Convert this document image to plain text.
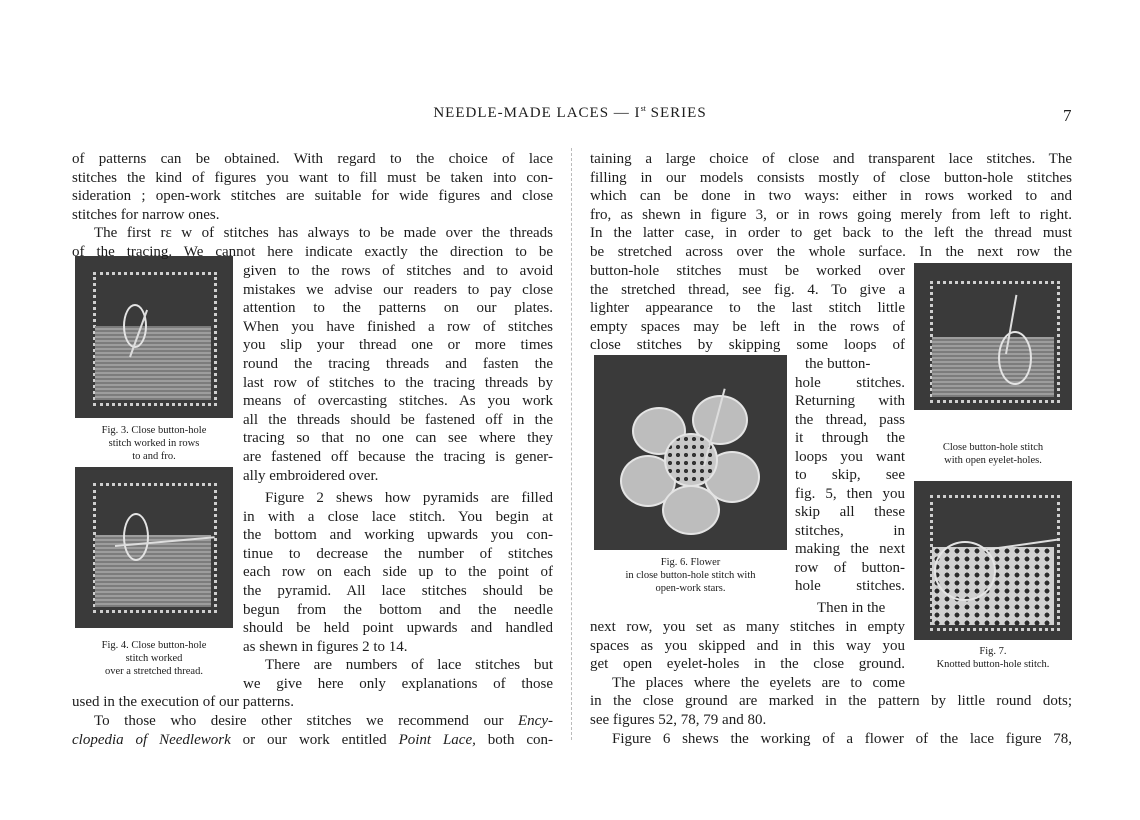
NEEDLE-MADE LACES — Ist SERIES	7
of patterns can be obtained. With regard to the choice of lace
stitches the kind of figures you want to fill must be taken into con-
sideration ; open-work stitches are suitable for wide figures and close
stitches for narrow ones.
The first rε w of stitches has always to be made over the threads
of the tracing. We cannot here indicate exactly the direction to be
given to the rows of stitches and to avoid
mistakes we advise our readers to pay close
attention to the patterns on our plates.
When you have finished a row of stitches
you slip your thread one or more times
round the tracing threads and fasten the
last row of stitches to the tracing threads by
means of overcasting stitches. As you work
all the threads should be fastened off in the
tracing so that no one can see where they
are fastened off because the tracing is gener-
ally embroidered over.
Figure 2 shews how pyramids are filled
in with a close lace stitch. You begin at
the bottom and working upwards you con-
tinue to decrease the number of stitches
each row on each side up to the point of
the pyramid. All lace stitches should be
begun from the bottom and the needle
should be held point upwards and handled
as shewn in figures 2 to 14.
There are numbers of lace stitches but
we give here only explanations of those
used in the execution of our patterns.
To those who desire other stitches we recommend our Ency-
clopedia of Needlework or our work entitled Point Lace, both con-
taining a large choice of close and transparent lace stitches. The
filling in our models consists mostly of close button-hole stitches
which can be done in two ways: either in rows worked to and
fro, as shewn in figure 3, or in rows going merely from left to right.
In the latter case, in order to get back to the left the thread must
be stretched across over the whole surface. In the next row the
button-hole stitches must be worked over
the stretched thread, see fig. 4. To give a
lighter appearance to the last stitch little
empty spaces may be left in the rows of
close stitches by skipping some loops of
the button-
hole stitches.
Returning with
the thread, pass
it through the
loops you want
to skip, see
fig. 5, then you
skip all these
stitches, in
making the next
row of button-
hole stitches.
Then in the
next row, you set as many stitches in empty
spaces as you skipped and in this way you
get open eyelet-holes in the close ground.
The places where the eyelets are to come
in the close ground are marked in the pattern by little round dots;
see figures 52, 78, 79 and 80.
Figure 6 shews the working of a flower of the lace figure 78,
Fig. 3. Close button-hole
stitch worked in rows
to and fro.
Fig. 4. Close button-hole
stitch worked
over a stretched thread.
Close button-hole stitch
with open eyelet-holes.
Fig. 6. Flower
in close button-hole stitch with
open-work stars.
Fig. 7.
Knotted button-hole stitch.
